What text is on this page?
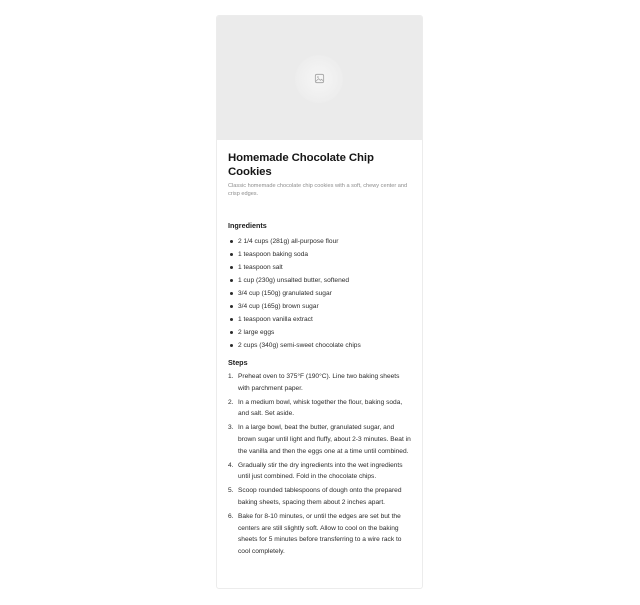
Homemade Chocolate Chip Cookies

Classic homemade chocolate chip cookies with a soft, chewy center and crisp edges.

Ingredients
2 1/4 cups (281g) all-purpose flour
1 teaspoon baking soda
1 teaspoon salt
1 cup (230g) unsalted butter, softened
3/4 cup (150g) granulated sugar
3/4 cup (165g) brown sugar
1 teaspoon vanilla extract
2 large eggs
2 cups (340g) semi-sweet chocolate chips
Steps
1. Preheat oven to 375°F (190°C). Line two baking sheets with parchment paper.
2. In a medium bowl, whisk together the flour, baking soda, and salt. Set aside.
3. In a large bowl, beat the butter, granulated sugar, and brown sugar until light and fluffy, about 2-3 minutes. Beat in the vanilla and then the eggs one at a time until combined.
4. Gradually stir the dry ingredients into the wet ingredients until just combined. Fold in the chocolate chips.
5. Scoop rounded tablespoons of dough onto the prepared baking sheets, spacing them about 2 inches apart.
6. Bake for 8-10 minutes, or until the edges are set but the centers are still slightly soft. Allow to cool on the baking sheets for 5 minutes before transferring to a wire rack to cool completely.
